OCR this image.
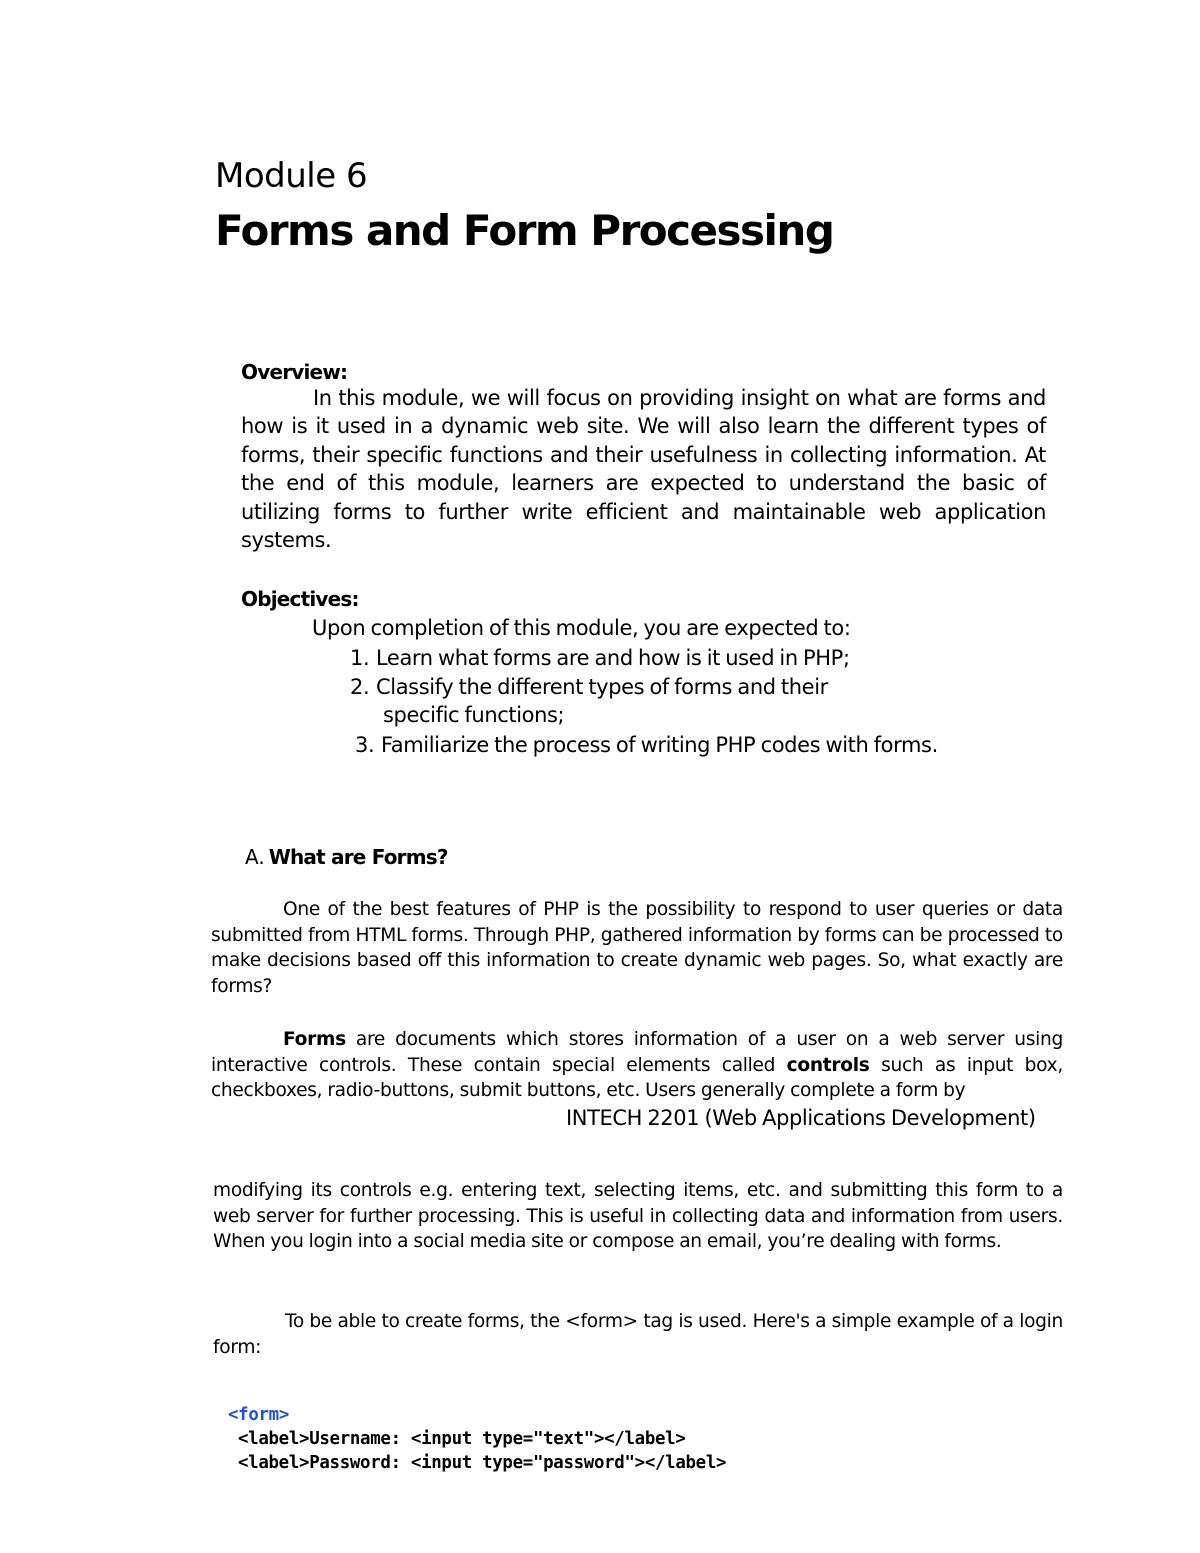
Module 6
Forms and Form Processing
Overview:

In this module, we will focus on providing insight on what are forms and how is it used in a dynamic web site. We will also learn the different types of forms, their specific functions and their usefulness in collecting information. At the end of this module, learners are expected to understand the basic of utilizing forms to further write efficient and maintainable web application systems.

Objectives:
Upon completion of this module, you are expected to:
1. Learn what forms are and how is it used in PHP;
2. Classify the different types of forms and their
specific functions;
3. Familiarize the process of writing PHP codes with forms.
A. What are Forms?

One of the best features of PHP is the possibility to respond to user queries or data submitted from HTML forms. Through PHP, gathered information by forms can be processed to make decisions based off this information to create dynamic web pages. So, what exactly are forms?

Forms are documents which stores information of a user on a web server using interactive controls. These contain special elements called controls such as input box, checkboxes, radio-buttons, submit buttons, etc. Users generally complete a form by

INTECH 2201 (Web Applications Development)

modifying its controls e.g. entering text, selecting items, etc. and submitting this form to a web server for further processing. This is useful in collecting data and information from users. When you login into a social media site or compose an email, you’re dealing with forms.

To be able to create forms, the <form> tag is used. Here's a simple example of a login form:

<form>
<label>Username: <input type="text"></label>
<label>Password: <input type="password"></label>
